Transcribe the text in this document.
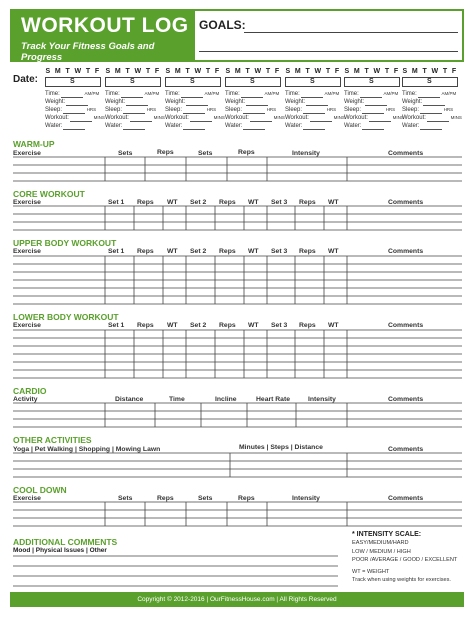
WORKOUT LOG
Track Your Fitness Goals and Progress
GOALS:
Date:
S M T W T F S
Time:	AM/PM
Weight:
Sleep:	HRS
Workout:	MINS
Water:
S M T W T F S
Time:	AM/PM
Weight:
Sleep:	HRS
Workout:	MINS
Water:
S M T W T F S
Time:	AM/PM
Weight:
Sleep:	HRS
Workout:	MINS
Water:
S M T W T F S
Time:	AM/PM
Weight:
Sleep:	HRS
Workout:	MINS
Water:
S M T W T F S
Time:	AM/PM
Weight:
Sleep:	HRS
Workout:	MINS
Water:
S M T W T F S
Time:	AM/PM
Weight:
Sleep:	HRS
Workout:	MINS
Water:
S M T W T F S
Time:	AM/PM
Weight:
Sleep:	HRS
Workout:	MINS
Water:
WARM-UP
CORE WORKOUT
UPPER BODY WORKOUT
LOWER BODY WORKOUT
CARDIO
OTHER ACTIVITIES
COOL DOWN
ADDITIONAL COMMENTS
Mood | Physical Issues | Other
Exercise	Sets	Reps	Sets	Reps	Intensity	Comments
Exercise	Set 1 Reps WT Set 2 Reps WT Set 3 Reps WT	Comments
Exercise	Set 1 Reps WT Set 2 Reps WT Set 3 Reps WT	Comments
Exercise	Set 1 Reps WT Set 2 Reps WT Set 3 Reps WT	Comments
Activity	Distance	Time	Incline	Heart Rate	Intensity	Comments
Yoga | Pet Walking | Shopping | Mowing Lawn	Minutes | Steps | Distance	Comments
Exercise	Sets	Reps	Sets	Reps	Intensity	Comments
* INTENSITY SCALE:
EASY/MEDIUM/HARD
LOW / MEDIUM / HIGH
POOR /AVERAGE / GOOD / EXCELLENT
WT = WEIGHT
Track when using weights for exercises.
Copyright © 2012-2016 | OurFitnessHouse.com | All Rights Reserved
